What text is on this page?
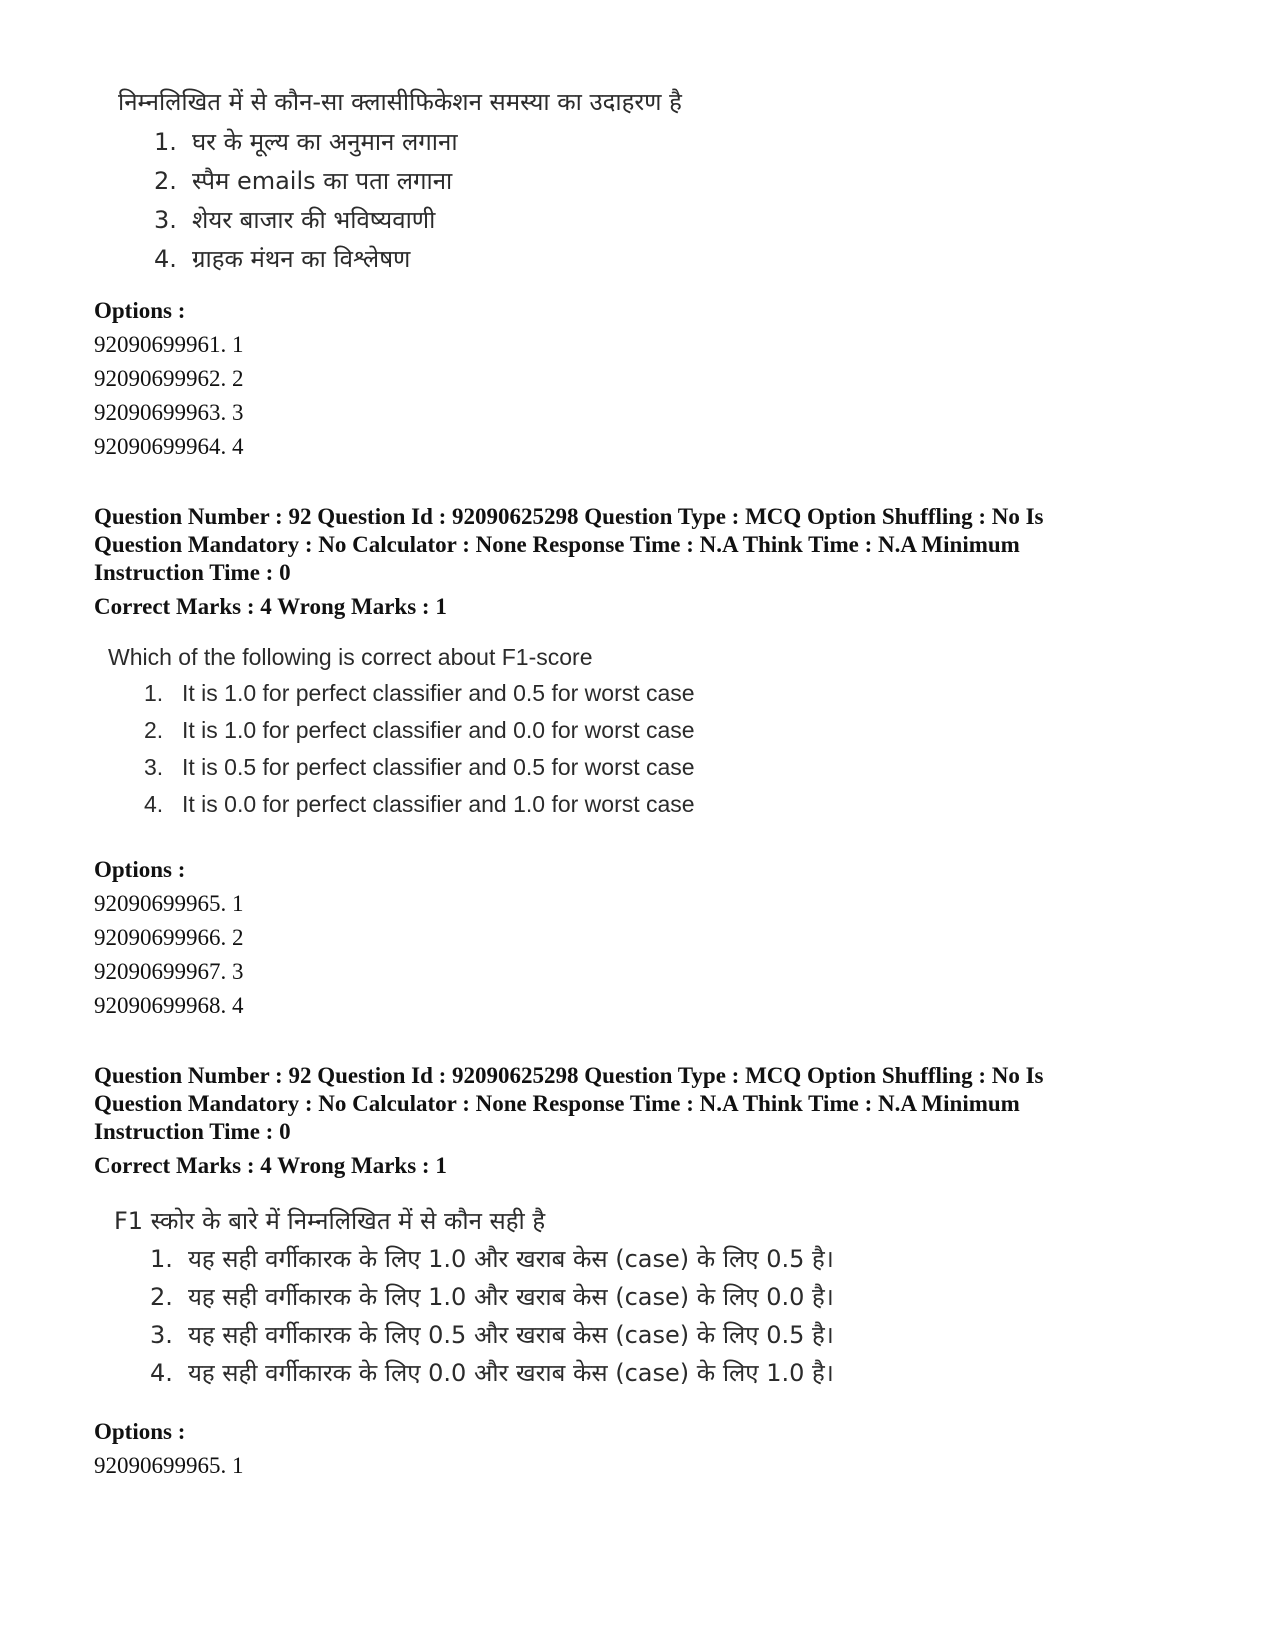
निम्नलिखित में से कौन-सा क्लासीफिकेशन समस्या का उदाहरण है
1. घर के मूल्य का अनुमान लगाना
2. स्पैम emails का पता लगाना
3. शेयर बाजार की भविष्यवाणी
4. ग्राहक मंथन का विश्लेषण
Options :
92090699961. 1
92090699962. 2
92090699963. 3
92090699964. 4
Question Number : 92 Question Id : 92090625298 Question Type : MCQ Option Shuffling : No Is
Question Mandatory : No Calculator : None Response Time : N.A Think Time : N.A Minimum
Instruction Time : 0
Correct Marks : 4 Wrong Marks : 1
Which of the following is correct about F1-score
1. It is 1.0 for perfect classifier and 0.5 for worst case
2. It is 1.0 for perfect classifier and 0.0 for worst case
3. It is 0.5 for perfect classifier and 0.5 for worst case
4. It is 0.0 for perfect classifier and 1.0 for worst case
Options :
92090699965. 1
92090699966. 2
92090699967. 3
92090699968. 4
Question Number : 92 Question Id : 92090625298 Question Type : MCQ Option Shuffling : No Is
Question Mandatory : No Calculator : None Response Time : N.A Think Time : N.A Minimum
Instruction Time : 0
Correct Marks : 4 Wrong Marks : 1
F1 स्कोर के बारे में निम्नलिखित में से कौन सही है
1. यह सही वर्गीकारक के लिए 1.0 और खराब केस (case) के लिए 0.5 है।
2. यह सही वर्गीकारक के लिए 1.0 और खराब केस (case) के लिए 0.0 है।
3. यह सही वर्गीकारक के लिए 0.5 और खराब केस (case) के लिए 0.5 है।
4. यह सही वर्गीकारक के लिए 0.0 और खराब केस (case) के लिए 1.0 है।
Options :
92090699965. 1
